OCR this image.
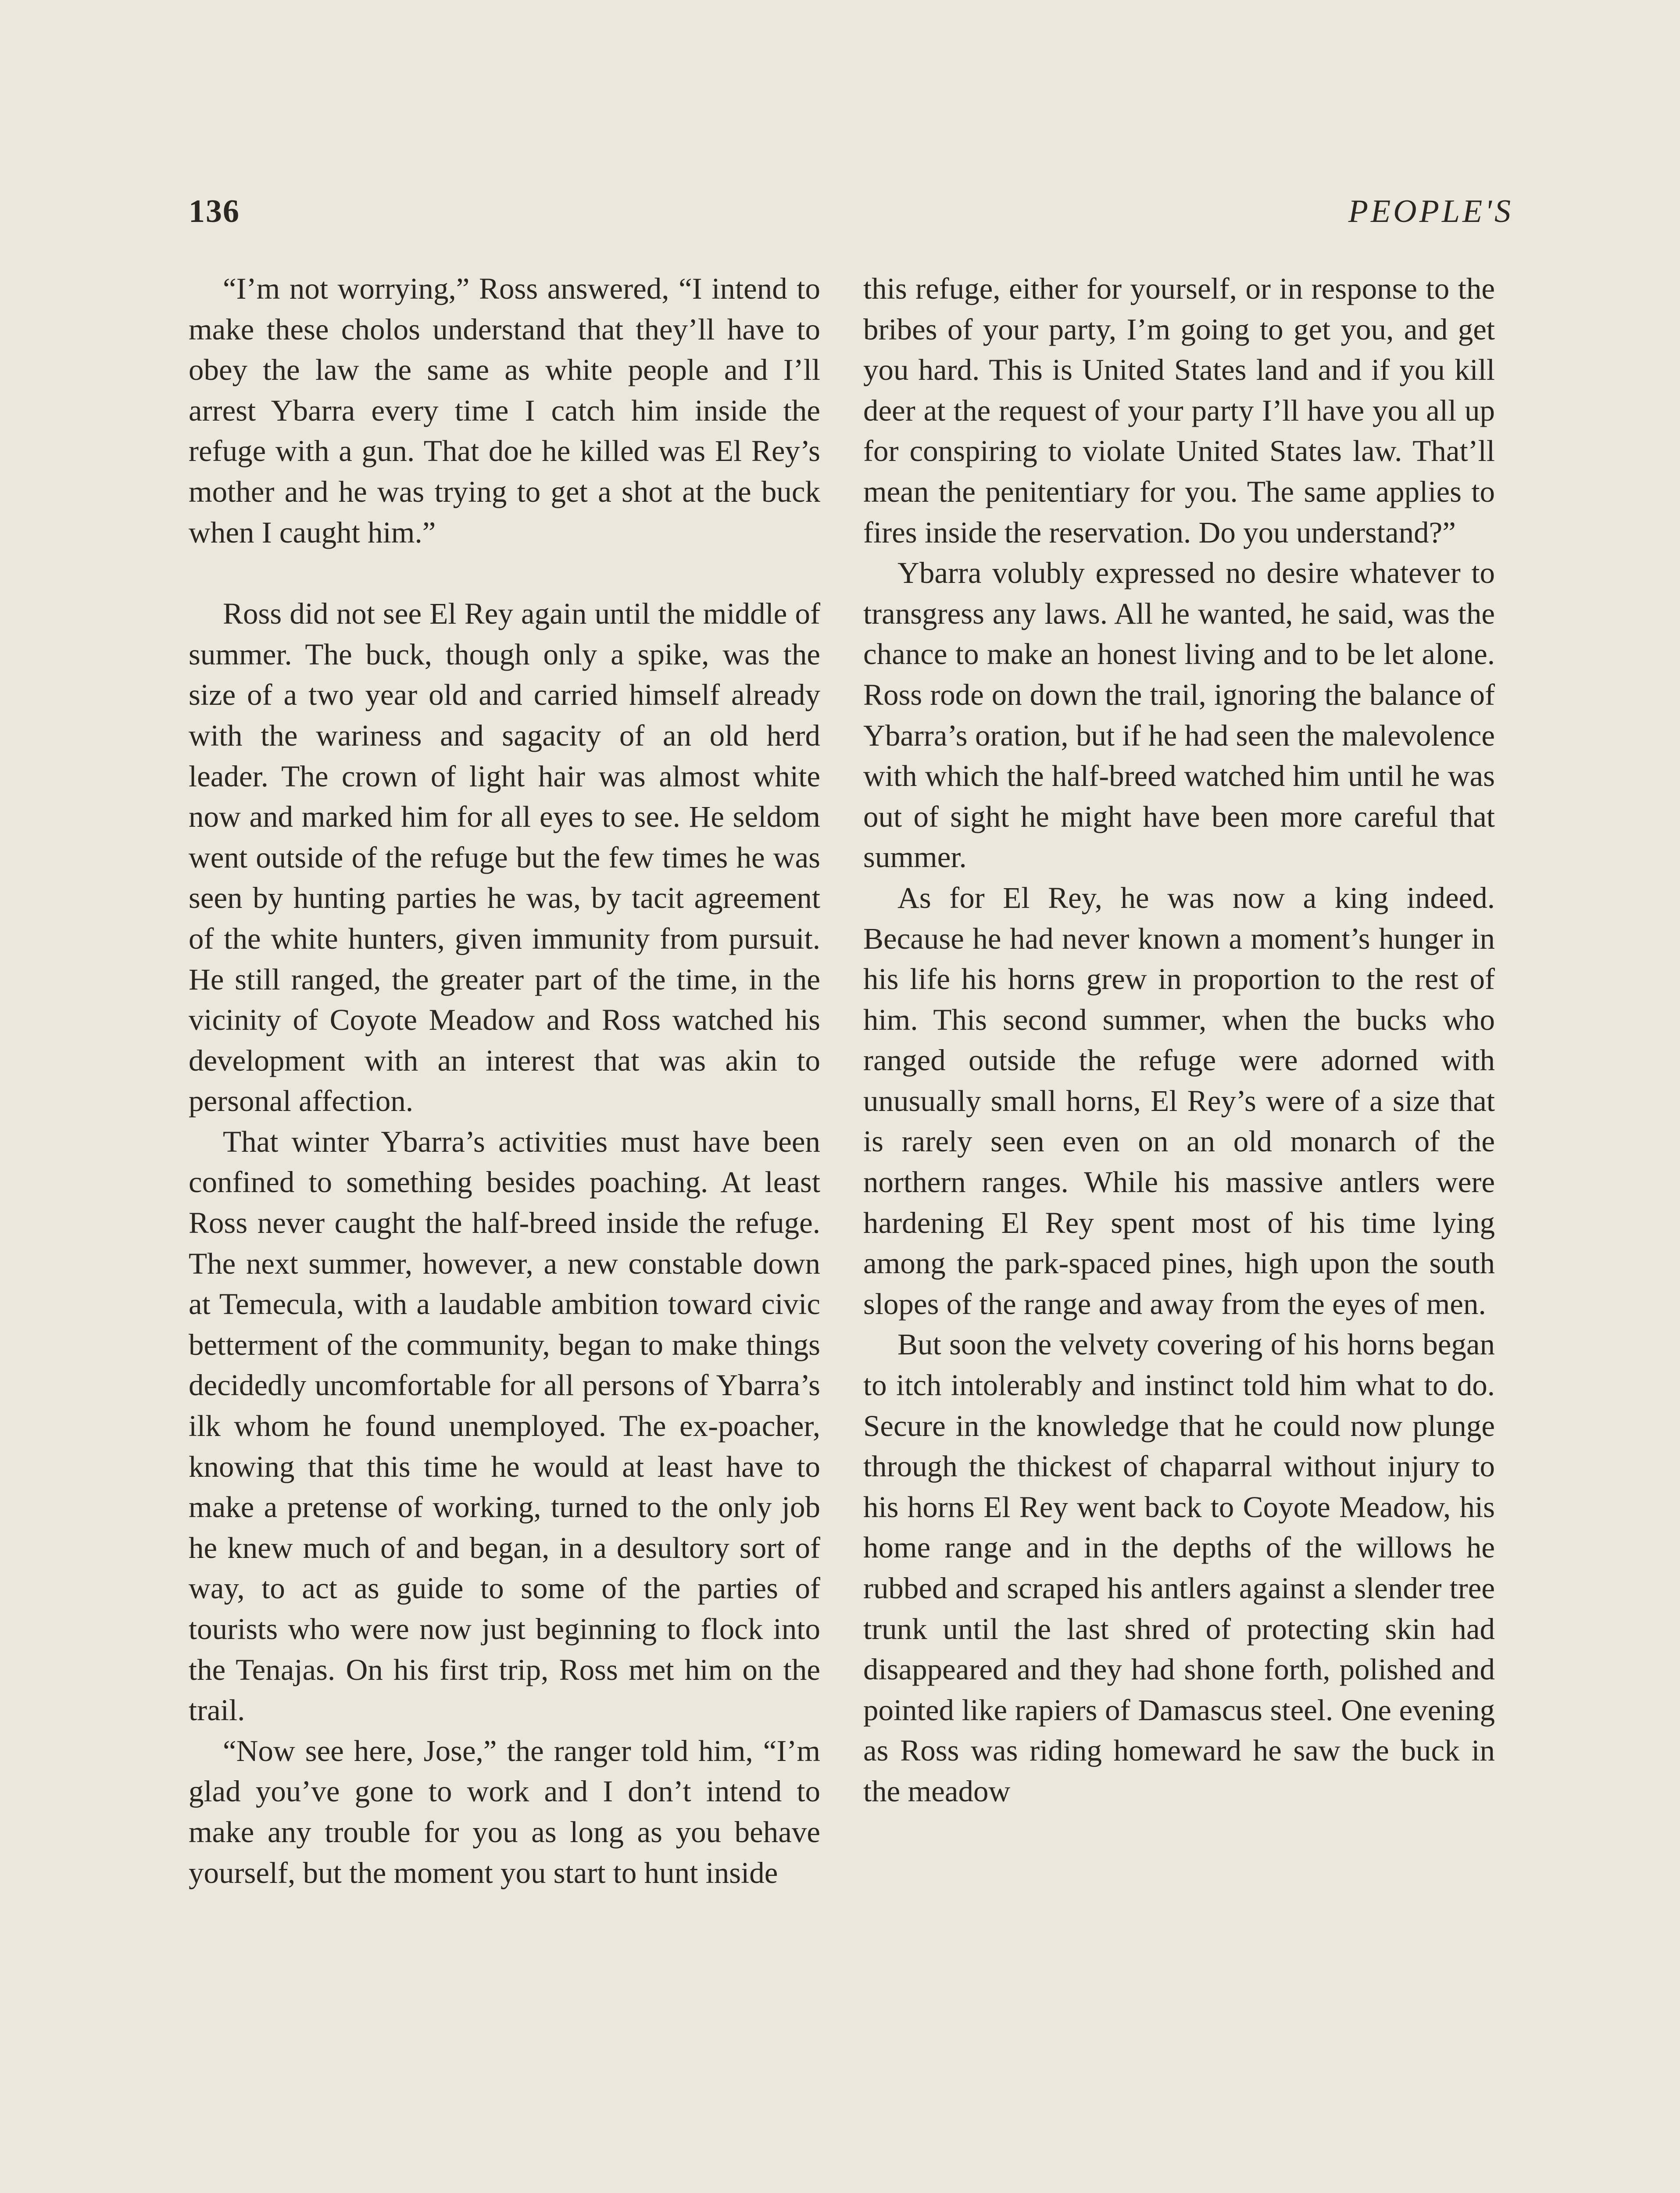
136	PEOPLE'S

“I’m not worrying,” Ross answered, “I intend to make these cholos understand that they’ll have to obey the law the same as white people and I’ll arrest Ybarra every time I catch him inside the refuge with a gun. That doe he killed was El Rey’s mother and he was trying to get a shot at the buck when I caught him.”

Ross did not see El Rey again until the middle of summer. The buck, though only a spike, was the size of a two year old and carried himself already with the wariness and sagacity of an old herd leader. The crown of light hair was almost white now and marked him for all eyes to see. He seldom went outside of the refuge but the few times he was seen by hunting parties he was, by tacit agreement of the white hunters, given immunity from pursuit. He still ranged, the greater part of the time, in the vicinity of Coyote Meadow and Ross watched his development with an interest that was akin to personal affection.

That winter Ybarra’s activities must have been confined to something besides poaching. At least Ross never caught the half-breed inside the refuge. The next summer, however, a new constable down at Temecula, with a laudable ambition toward civic betterment of the community, began to make things decidedly uncomfortable for all persons of Ybarra’s ilk whom he found unemployed. The ex-poacher, knowing that this time he would at least have to make a pretense of working, turned to the only job he knew much of and began, in a desultory sort of way, to act as guide to some of the parties of tourists who were now just beginning to flock into the Tenajas. On his first trip, Ross met him on the trail.

“Now see here, Jose,” the ranger told him, “I’m glad you’ve gone to work and I don’t intend to make any trouble for you as long as you behave yourself, but the moment you start to hunt inside

this refuge, either for yourself, or in response to the bribes of your party, I’m going to get you, and get you hard. This is United States land and if you kill deer at the request of your party I’ll have you all up for conspiring to violate United States law. That’ll mean the penitentiary for you. The same applies to fires inside the reservation. Do you understand?”

Ybarra volubly expressed no desire whatever to transgress any laws. All he wanted, he said, was the chance to make an honest living and to be let alone. Ross rode on down the trail, ignoring the balance of Ybarra’s oration, but if he had seen the malevolence with which the half-breed watched him until he was out of sight he might have been more careful that summer.

As for El Rey, he was now a king indeed. Because he had never known a moment’s hunger in his life his horns grew in proportion to the rest of him. This second summer, when the bucks who ranged outside the refuge were adorned with unusually small horns, El Rey’s were of a size that is rarely seen even on an old monarch of the northern ranges. While his massive antlers were hardening El Rey spent most of his time lying among the park-spaced pines, high upon the south slopes of the range and away from the eyes of men.

But soon the velvety covering of his horns began to itch intolerably and instinct told him what to do. Secure in the knowledge that he could now plunge through the thickest of chaparral without injury to his horns El Rey went back to Coyote Meadow, his home range and in the depths of the willows he rubbed and scraped his antlers against a slender tree trunk until the last shred of protecting skin had disappeared and they had shone forth, polished and pointed like rapiers of Damascus steel. One evening as Ross was riding homeward he saw the buck in the meadow
